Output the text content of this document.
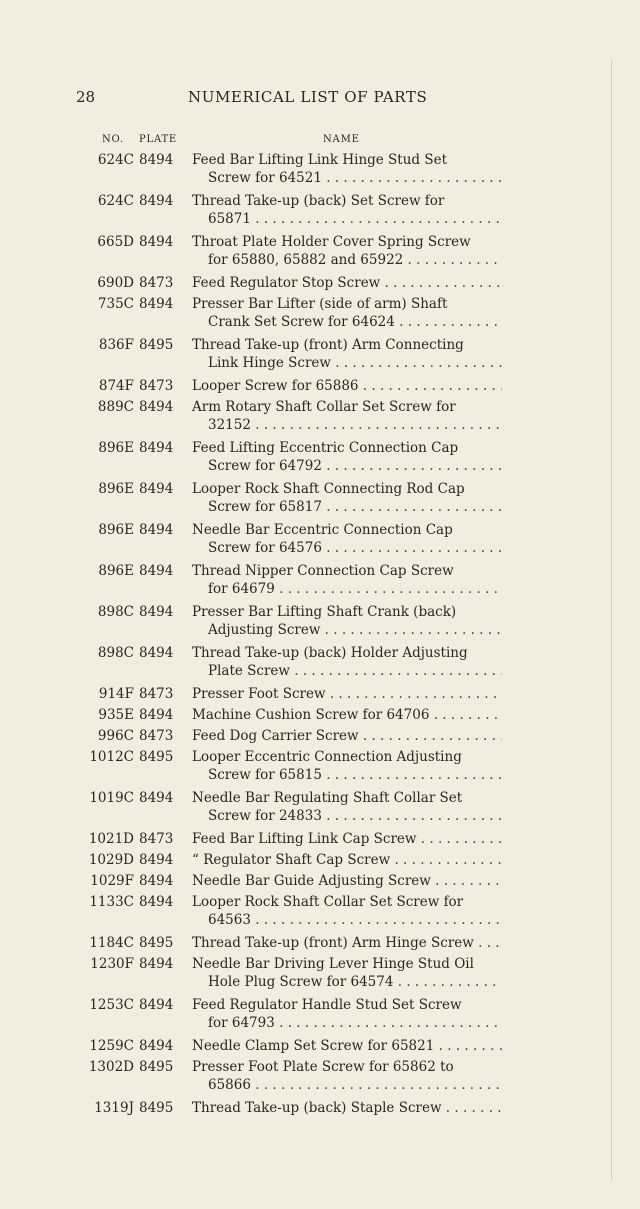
28	NUMERICAL LIST OF PARTS
NO. PLATE	NAME
624C 8494 Feed Bar Lifting Link Hinge Stud Set
Screw for 64521 . . .
624C 8494 Thread Take-up (back) Set Screw for
65871 . . .
665D 8494 Throat Plate Holder Cover Spring Screw
for 65880, 65882 and 65922 . . .
690D 8473 Feed Regulator Stop Screw . . .
735C 8494 Presser Bar Lifter (side of arm) Shaft
Crank Set Screw for 64624 . . .
836F 8495 Thread Take-up (front) Arm Connecting
Link Hinge Screw . . .
874F 8473 Looper Screw for 65886 . . .
889C 8494 Arm Rotary Shaft Collar Set Screw for
32152 . . .
896E 8494 Feed Lifting Eccentric Connection Cap
Screw for 64792 . . .
896E 8494 Looper Rock Shaft Connecting Rod Cap
Screw for 65817 . . .
896E 8494 Needle Bar Eccentric Connection Cap
Screw for 64576 . . .
896E 8494 Thread Nipper Connection Cap Screw
for 64679 . . .
898C 8494 Presser Bar Lifting Shaft Crank (back)
Adjusting Screw . . .
898C 8494 Thread Take-up (back) Holder Adjusting
Plate Screw . . .
914F 8473 Presser Foot Screw . . .
935E 8494 Machine Cushion Screw for 64706 . . .
996C 8473 Feed Dog Carrier Screw . . .
1012C 8495 Looper Eccentric Connection Adjusting
Screw for 65815 . . .
1019C 8494 Needle Bar Regulating Shaft Collar Set
Screw for 24833 . . .
1021D 8473 Feed Bar Lifting Link Cap Screw . . .
1029D 8494 “ Regulator Shaft Cap Screw . . .
1029F 8494 Needle Bar Guide Adjusting Screw . . .
1133C 8494 Looper Rock Shaft Collar Set Screw for
64563 . . .
1184C 8495 Thread Take-up (front) Arm Hinge Screw . . .
1230F 8494 Needle Bar Driving Lever Hinge Stud Oil
Hole Plug Screw for 64574 . . .
1253C 8494 Feed Regulator Handle Stud Set Screw
for 64793 . . .
1259C 8494 Needle Clamp Set Screw for 65821 . . .
1302D 8495 Presser Foot Plate Screw for 65862 to
65866 . . .
1319J 8495 Thread Take-up (back) Staple Screw . . .
